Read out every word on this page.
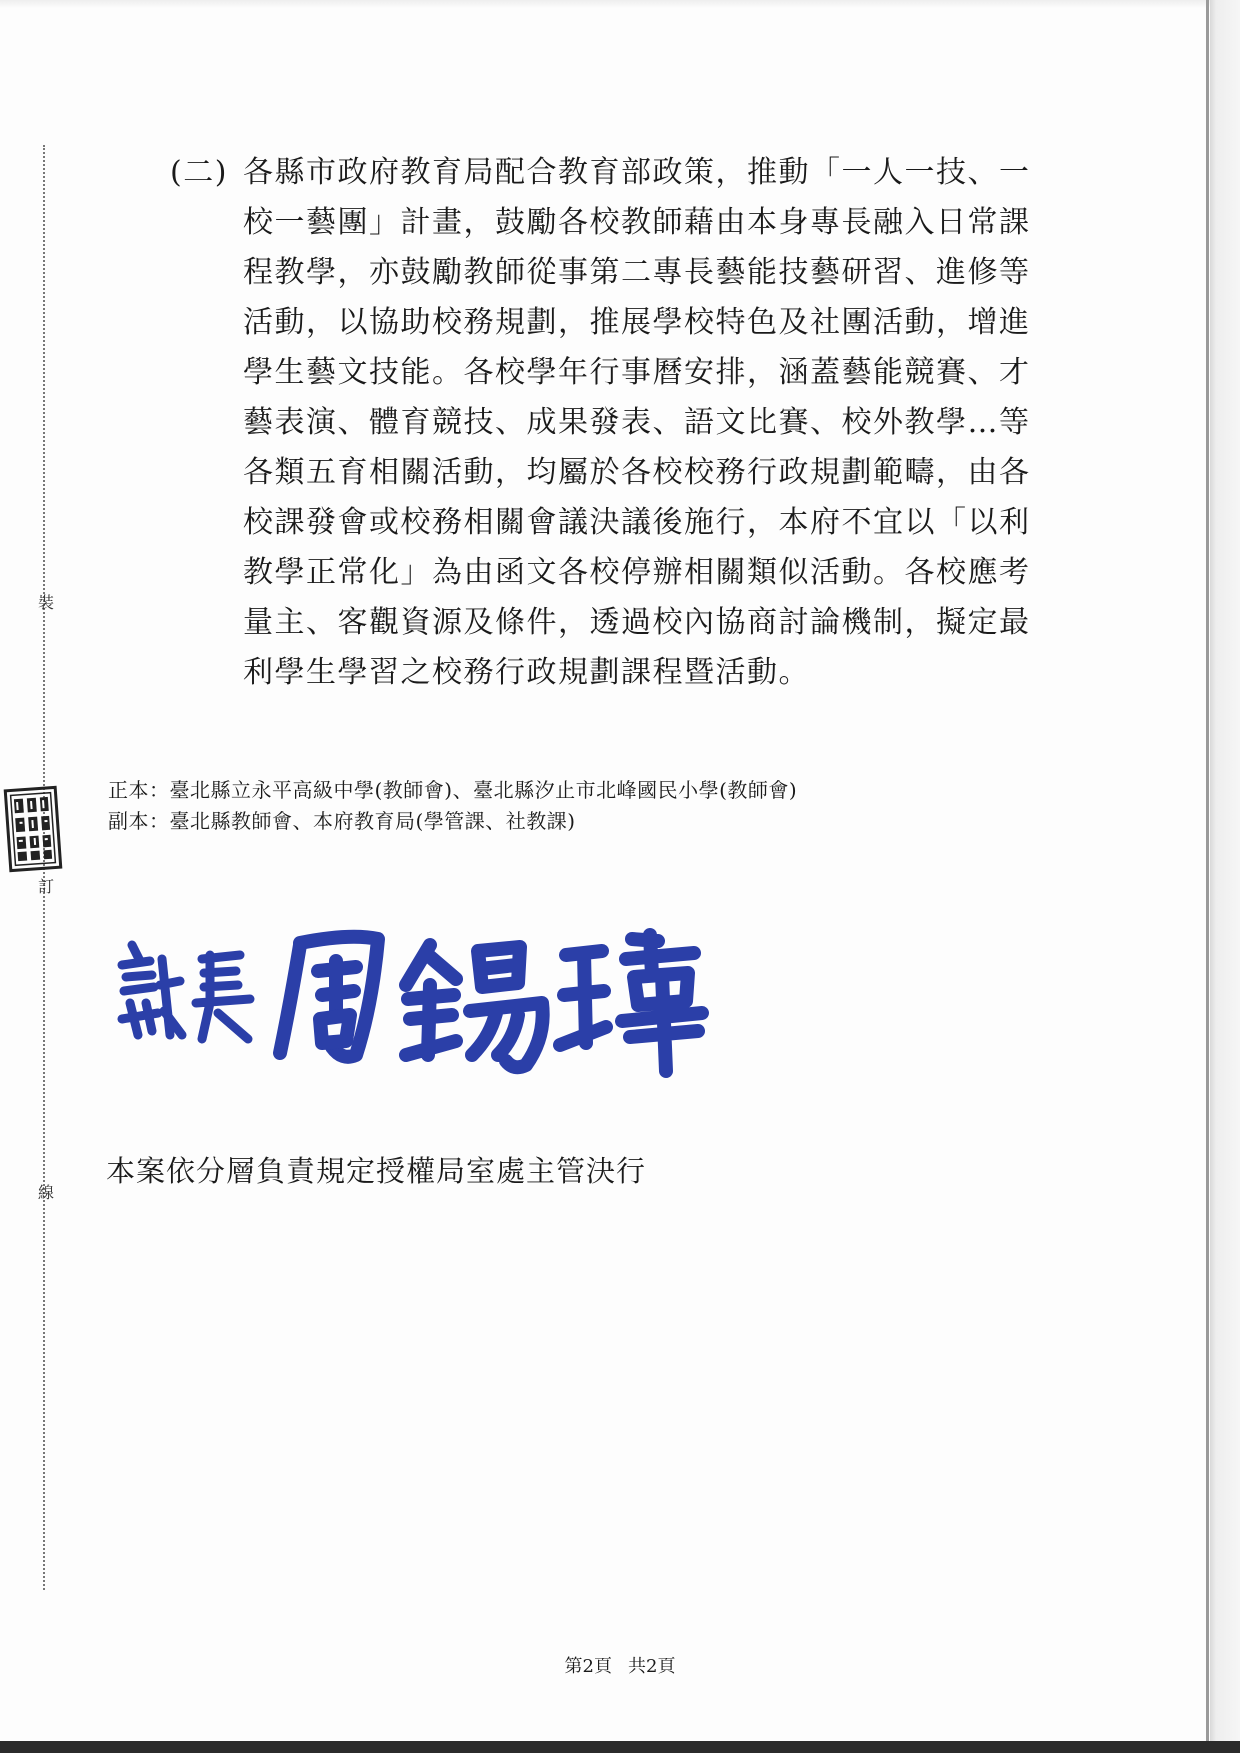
裝
訂
線
(二) 各縣市政府教育局配合教育部政策，推動「一人一技、一
校一藝團」計畫，鼓勵各校教師藉由本身專長融入日常課
程教學，亦鼓勵教師從事第二專長藝能技藝研習、進修等
活動，以協助校務規劃，推展學校特色及社團活動，增進
學生藝文技能。各校學年行事曆安排，涵蓋藝能競賽、才
藝表演、體育競技、成果發表、語文比賽、校外教學…等
各類五育相關活動，均屬於各校校務行政規劃範疇，由各
校課發會或校務相關會議決議後施行，本府不宜以「以利
教學正常化」為由函文各校停辦相關類似活動。各校應考
量主、客觀資源及條件，透過校內協商討論機制，擬定最
利學生學習之校務行政規劃課程暨活動。
正本：臺北縣立永平高級中學(教師會)、臺北縣汐止市北峰國民小學(教師會)
副本：臺北縣教師會、本府教育局(學管課、社教課)
本案依分層負責規定授權局室處主管決行
第2頁 共2頁
